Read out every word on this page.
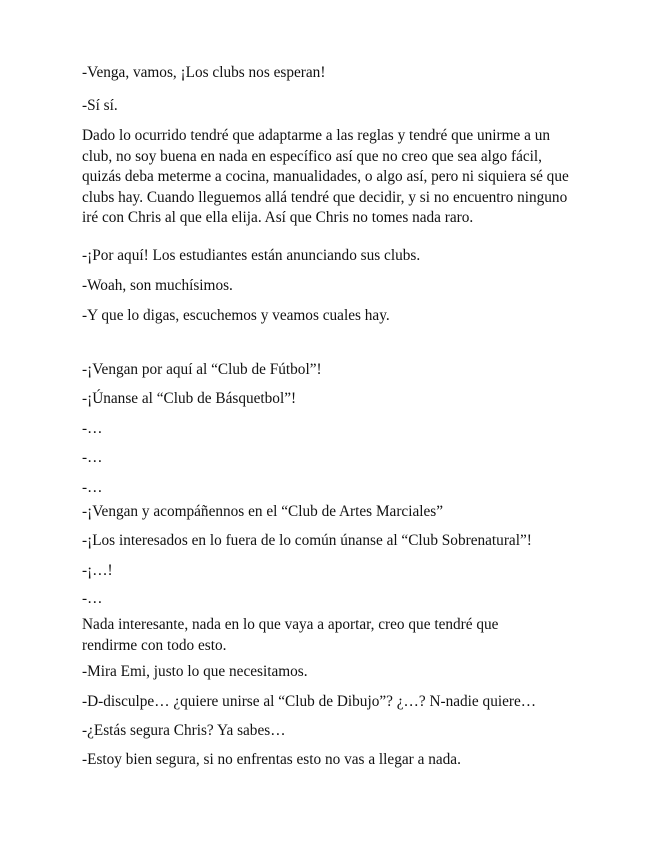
-Venga, vamos, ¡Los clubs nos esperan!

-Sí sí.

Dado lo ocurrido tendré que adaptarme a las reglas y tendré que unirme a un club, no soy buena en nada en específico así que no creo que sea algo fácil, quizás deba meterme a cocina, manualidades, o algo así, pero ni siquiera sé que clubs hay. Cuando lleguemos allá tendré que decidir, y si no encuentro ninguno iré con Chris al que ella elija. Así que Chris no tomes nada raro.

-¡Por aquí! Los estudiantes están anunciando sus clubs.

-Woah, son muchísimos.

-Y que lo digas, escuchemos y veamos cuales hay.

-¡Vengan por aquí al “Club de Fútbol”!

-¡Únanse al “Club de Básquetbol”!

-…

-…

-…

-¡Vengan y acompáñennos en el “Club de Artes Marciales”

-¡Los interesados en lo fuera de lo común únanse al “Club Sobrenatural”!

-¡…!

-…

Nada interesante, nada en lo que vaya a aportar, creo que tendré que rendirme con todo esto.

-Mira Emi, justo lo que necesitamos.

-D-disculpe… ¿quiere unirse al “Club de Dibujo”? ¿…? N-nadie quiere…

-¿Estás segura Chris? Ya sabes…

-Estoy bien segura, si no enfrentas esto no vas a llegar a nada.
